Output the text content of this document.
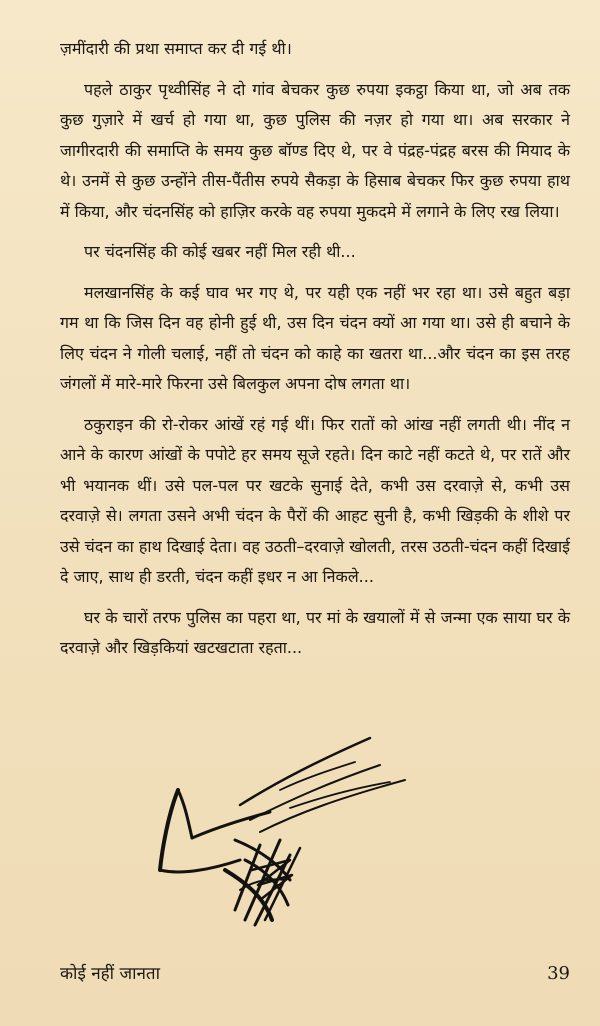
ज़मींदारी की प्रथा समाप्त कर दी गई थी।

पहले ठाकुर पृथ्वीसिंह ने दो गांव बेचकर कुछ रुपया इकट्ठा किया था, जो अब तक कुछ गुज़ारे में खर्च हो गया था, कुछ पुलिस की नज़र हो गया था। अब सरकार ने जागीरदारी की समाप्ति के समय कुछ बॉण्ड दिए थे, पर वे पंद्रह-पंद्रह बरस की मियाद के थे। उनमें से कुछ उन्होंने तीस-पैंतीस रुपये सैकड़ा के हिसाब बेचकर फिर कुछ रुपया हाथ में किया, और चंदनसिंह को हाज़िर करके वह रुपया मुकदमे में लगाने के लिए रख लिया।

पर चंदनसिंह की कोई खबर नहीं मिल रही थी...

मलखानसिंह के कई घाव भर गए थे, पर यही एक नहीं भर रहा था। उसे बहुत बड़ा गम था कि जिस दिन वह होनी हुई थी, उस दिन चंदन क्यों आ गया था। उसे ही बचाने के लिए चंदन ने गोली चलाई, नहीं तो चंदन को काहे का खतरा था...और चंदन का इस तरह जंगलों में मारे-मारे फिरना उसे बिलकुल अपना दोष लगता था।

ठकुराइन की रो-रोकर आंखें रहं गई थीं। फिर रातों को आंख नहीं लगती थी। नींद न आने के कारण आंखों के पपोटे हर समय सूजे रहते। दिन काटे नहीं कटते थे, पर रातें और भी भयानक थीं। उसे पल-पल पर खटके सुनाई देते, कभी उस दरवाज़े से, कभी उस दरवाज़े से। लगता उसने अभी चंदन के पैरों की आहट सुनी है, कभी खिड़की के शीशे पर उसे चंदन का हाथ दिखाई देता। वह उठती–दरवाज़े खोलती, तरस उठती-चंदन कहीं दिखाई दे जाए, साथ ही डरती, चंदन कहीं इधर न आ निकले...

घर के चारों तरफ पुलिस का पहरा था, पर मां के खयालों में से जन्मा एक साया घर के दरवाज़े और खिड़कियां खटखटाता रहता...

कोई नहीं जानता	39
